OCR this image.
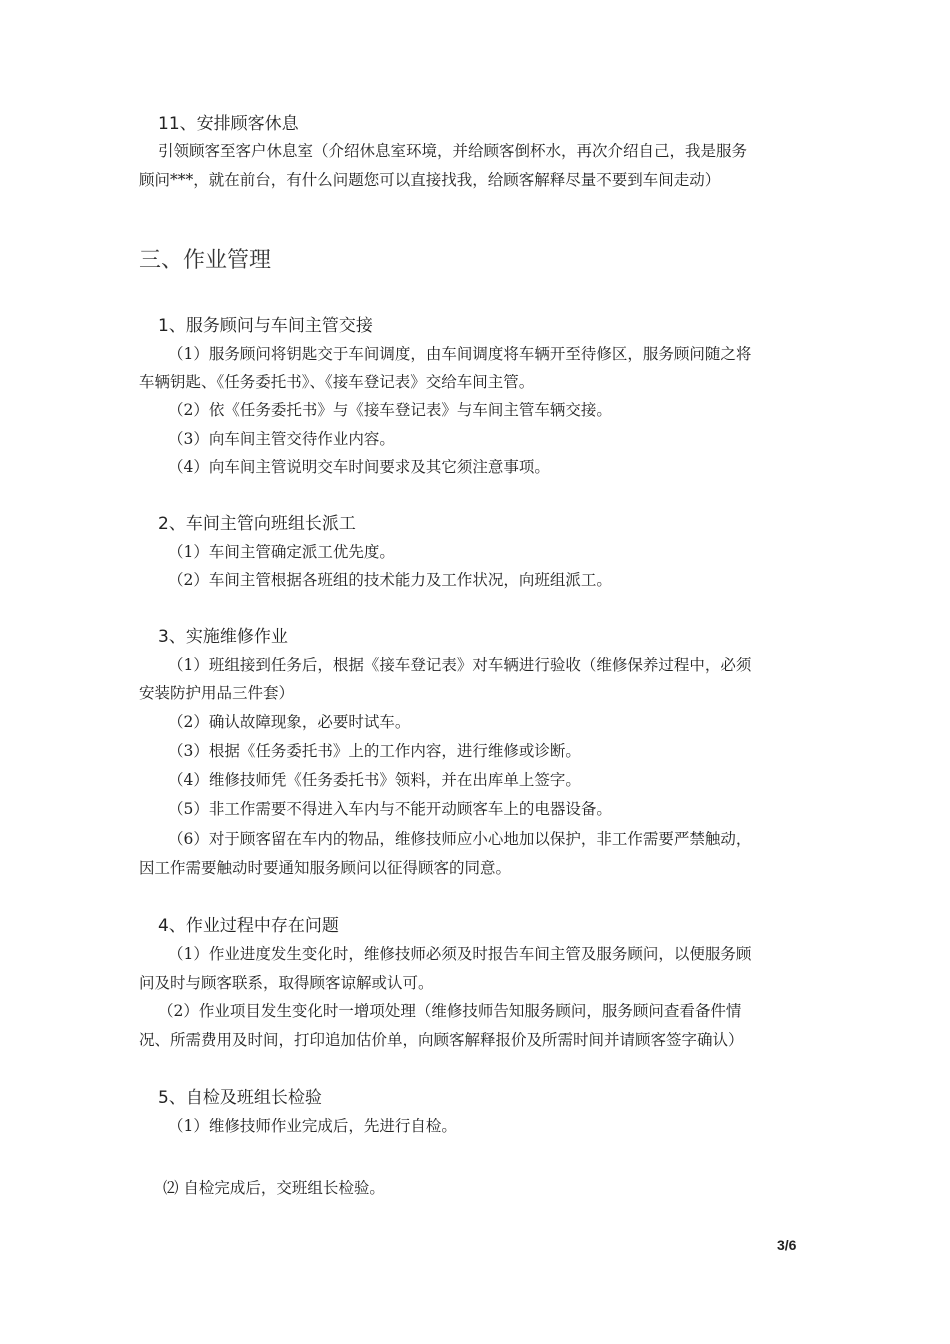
11、安排顾客休息
引领顾客至客户休息室（介绍休息室环境，并给顾客倒杯水，再次介绍自己，我是服务
顾问***，就在前台，有什么问题您可以直接找我，给顾客解释尽量不要到车间走动）
三、作业管理
1、服务顾问与车间主管交接
（1）服务顾问将钥匙交于车间调度，由车间调度将车辆开至待修区，服务顾问随之将
车辆钥匙、《任务委托书》、《接车登记表》交给车间主管。
（2）依《任务委托书》与《接车登记表》与车间主管车辆交接。
（3）向车间主管交待作业内容。
（4）向车间主管说明交车时间要求及其它须注意事项。
2、车间主管向班组长派工
（1）车间主管确定派工优先度。
（2）车间主管根据各班组的技术能力及工作状况，向班组派工。
3、实施维修作业
（1）班组接到任务后，根据《接车登记表》对车辆进行验收（维修保养过程中，必须
安装防护用品三件套）
（2）确认故障现象，必要时试车。
（3）根据《任务委托书》上的工作内容，进行维修或诊断。
（4）维修技师凭《任务委托书》领料，并在出库单上签字。
（5）非工作需要不得进入车内与不能开动顾客车上的电器设备。
（6）对于顾客留在车内的物品，维修技师应小心地加以保护，非工作需要严禁触动，
因工作需要触动时要通知服务顾问以征得顾客的同意。
4、作业过程中存在问题
（1）作业进度发生变化时，维修技师必须及时报告车间主管及服务顾问，以便服务顾
问及时与顾客联系，取得顾客谅解或认可。
（2）作业项目发生变化时一增项处理（维修技师告知服务顾问，服务顾问查看备件情
况、所需费用及时间，打印追加估价单，向顾客解释报价及所需时间并请顾客签字确认）
5、自检及班组长检验
（1）维修技师作业完成后，先进行自检。
⑵ 自检完成后，交班组长检验。
3/6
